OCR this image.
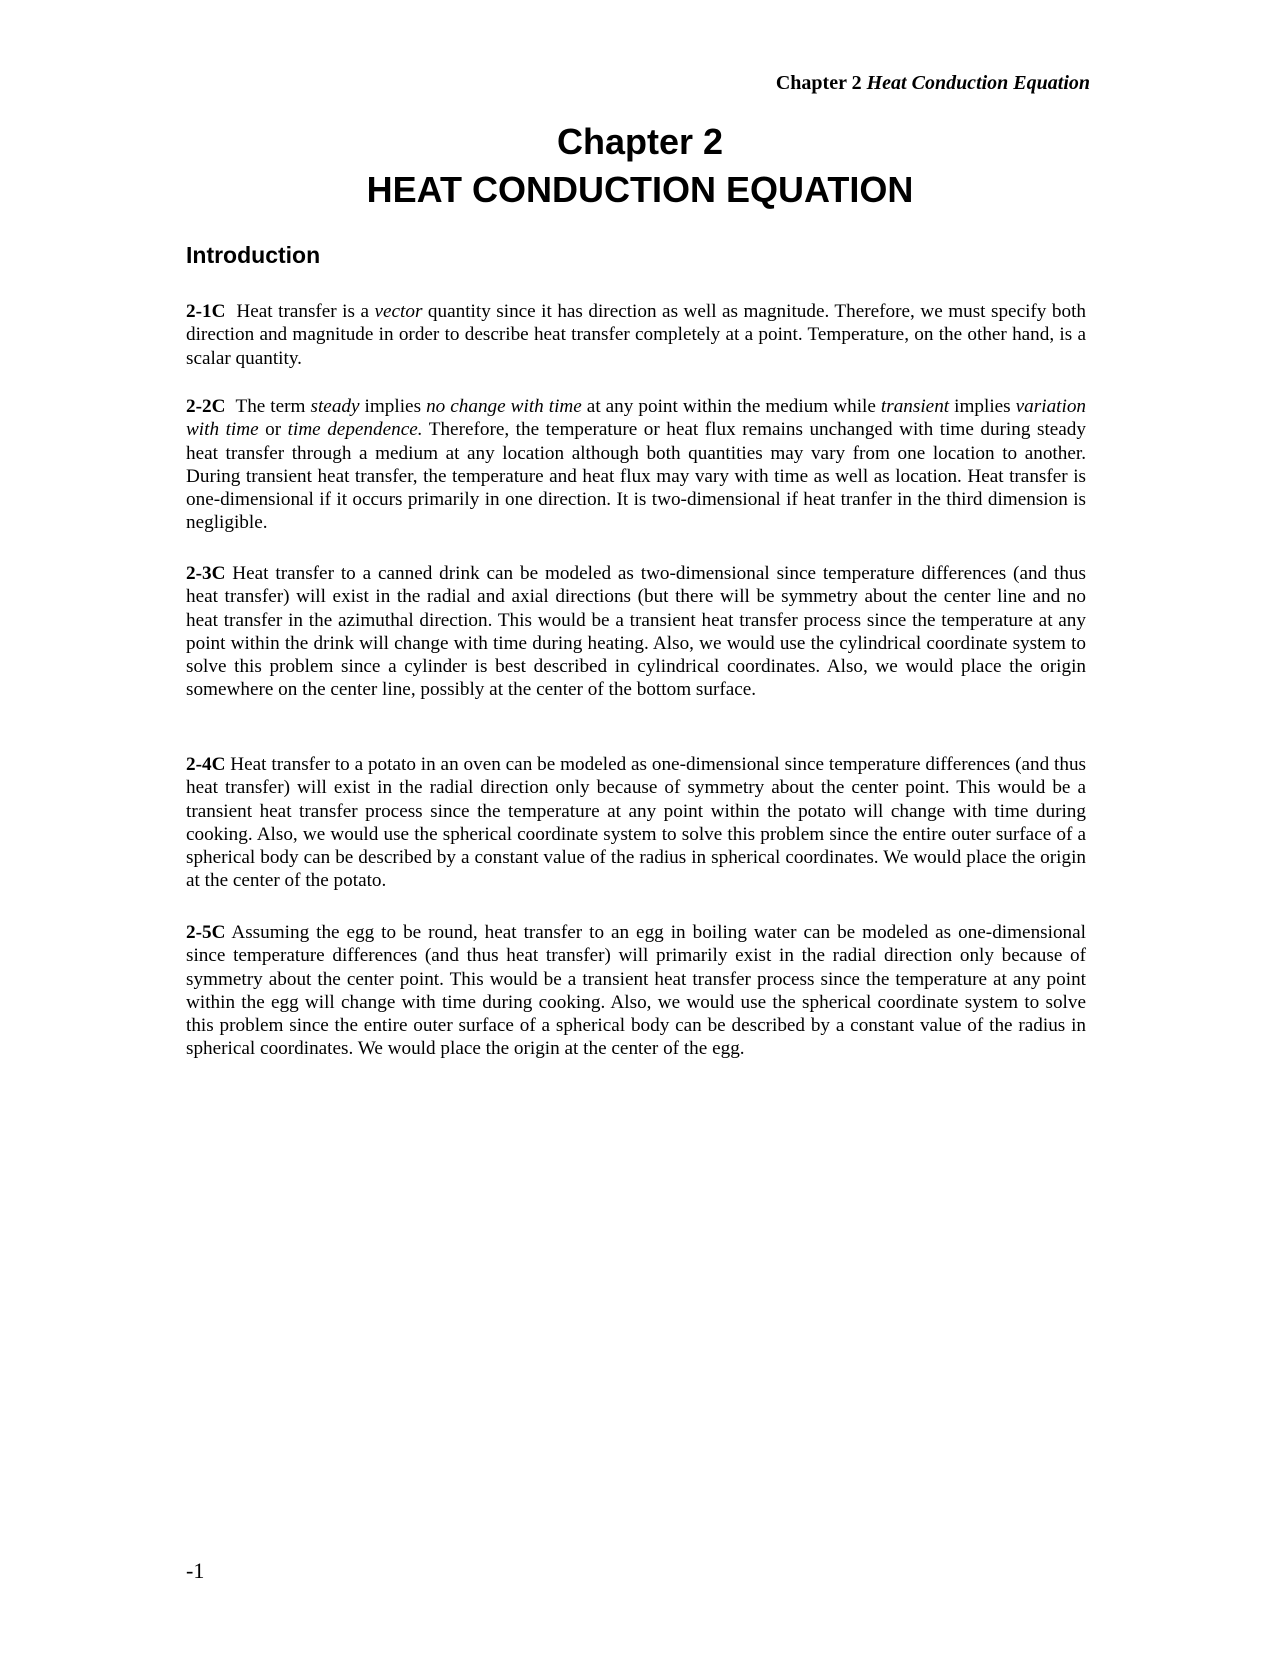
Chapter 2 Heat Conduction Equation
Chapter 2
HEAT CONDUCTION EQUATION
Introduction

2-1C Heat transfer is a vector quantity since it has direction as well as magnitude. Therefore, we must specify both direction and magnitude in order to describe heat transfer completely at a point. Temperature, on the other hand, is a scalar quantity.

2-2C The term steady implies no change with time at any point within the medium while transient implies variation with time or time dependence. Therefore, the temperature or heat flux remains unchanged with time during steady heat transfer through a medium at any location although both quantities may vary from one location to another. During transient heat transfer, the temperature and heat flux may vary with time as well as location. Heat transfer is one-dimensional if it occurs primarily in one direction. It is two-dimensional if heat tranfer in the third dimension is negligible.

2-3C Heat transfer to a canned drink can be modeled as two-dimensional since temperature differences (and thus heat transfer) will exist in the radial and axial directions (but there will be symmetry about the center line and no heat transfer in the azimuthal direction. This would be a transient heat transfer process since the temperature at any point within the drink will change with time during heating. Also, we would use the cylindrical coordinate system to solve this problem since a cylinder is best described in cylindrical coordinates. Also, we would place the origin somewhere on the center line, possibly at the center of the bottom surface.

2-4C Heat transfer to a potato in an oven can be modeled as one-dimensional since temperature differences (and thus heat transfer) will exist in the radial direction only because of symmetry about the center point. This would be a transient heat transfer process since the temperature at any point within the potato will change with time during cooking. Also, we would use the spherical coordinate system to solve this problem since the entire outer surface of a spherical body can be described by a constant value of the radius in spherical coordinates. We would place the origin at the center of the potato.

2-5C Assuming the egg to be round, heat transfer to an egg in boiling water can be modeled as one-dimensional since temperature differences (and thus heat transfer) will primarily exist in the radial direction only because of symmetry about the center point. This would be a transient heat transfer process since the temperature at any point within the egg will change with time during cooking. Also, we would use the spherical coordinate system to solve this problem since the entire outer surface of a spherical body can be described by a constant value of the radius in spherical coordinates. We would place the origin at the center of the egg.

-1
